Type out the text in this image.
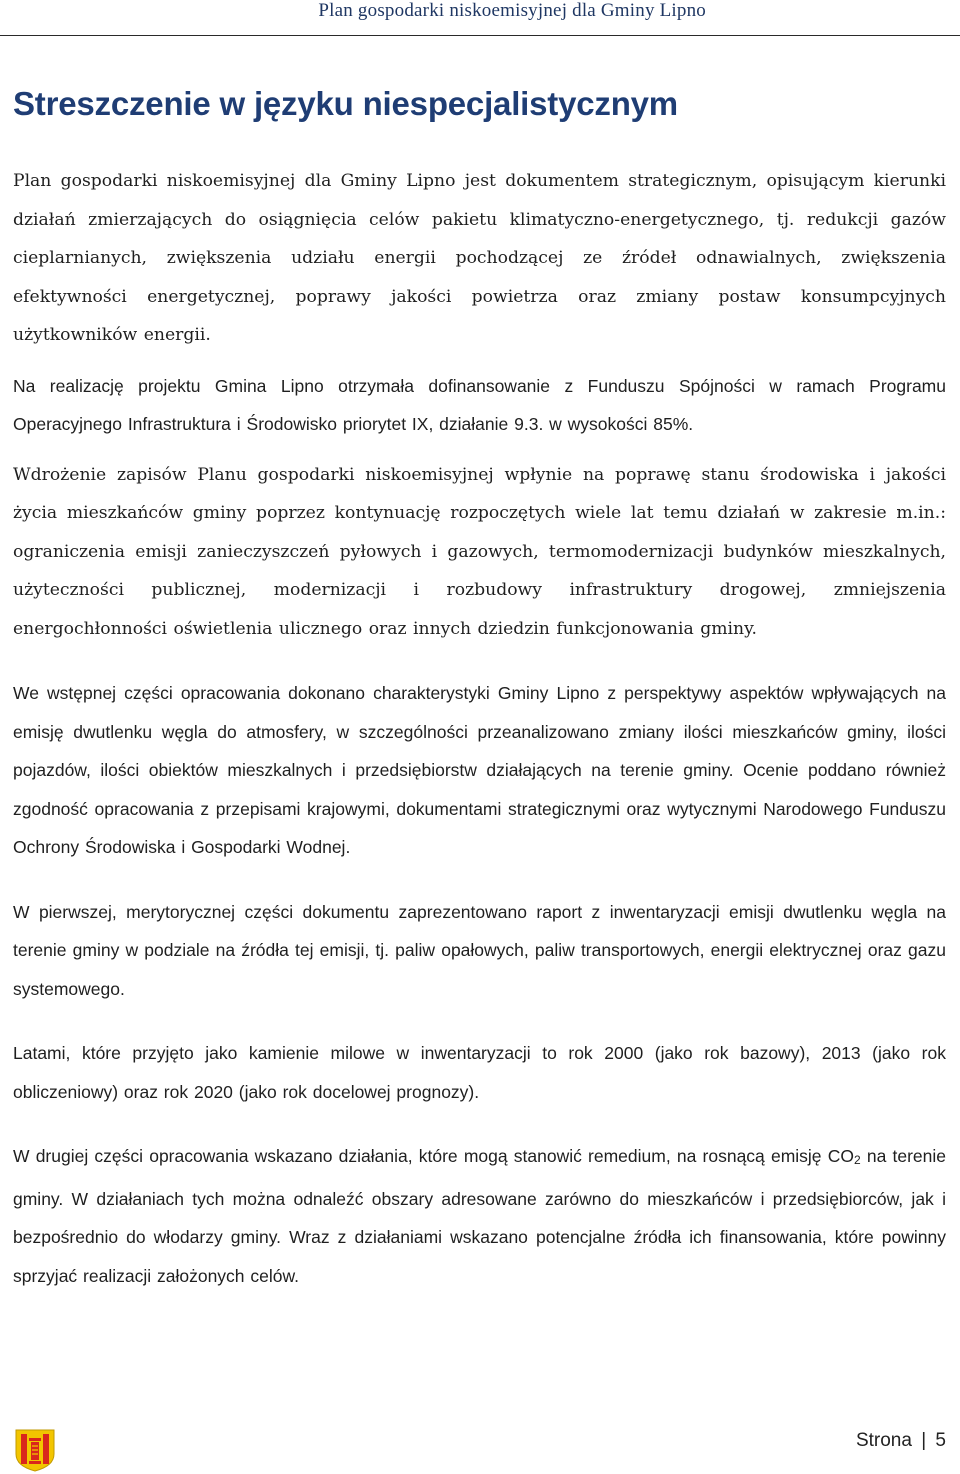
Plan gospodarki niskoemisyjnej dla Gminy Lipno
Streszczenie w języku niespecjalistycznym

Plan gospodarki niskoemisyjnej dla Gminy Lipno jest dokumentem strategicznym, opisującym kierunki działań zmierzających do osiągnięcia celów pakietu klimatyczno-energetycznego, tj. redukcji gazów cieplarnianych, zwiększenia udziału energii pochodzącej ze źródeł odnawialnych, zwiększenia efektywności energetycznej, poprawy jakości powietrza oraz zmiany postaw konsumpcyjnych użytkowników energii.

Na realizację projektu Gmina Lipno otrzymała dofinansowanie z Funduszu Spójności w ramach Programu Operacyjnego Infrastruktura i Środowisko priorytet IX, działanie 9.3. w wysokości 85%.

Wdrożenie zapisów Planu gospodarki niskoemisyjnej wpłynie na poprawę stanu środowiska i jakości życia mieszkańców gminy poprzez kontynuację rozpoczętych wiele lat temu działań w zakresie m.in.: ograniczenia emisji zanieczyszczeń pyłowych i gazowych, termomodernizacji budynków mieszkalnych, użyteczności publicznej, modernizacji i rozbudowy infrastruktury drogowej, zmniejszenia energochłonności oświetlenia ulicznego oraz innych dziedzin funkcjonowania gminy.

We wstępnej części opracowania dokonano charakterystyki Gminy Lipno z perspektywy aspektów wpływających na emisję dwutlenku węgla do atmosfery, w szczególności przeanalizowano zmiany ilości mieszkańców gminy, ilości pojazdów, ilości obiektów mieszkalnych i przedsiębiorstw działających na terenie gminy. Ocenie poddano również zgodność opracowania z przepisami krajowymi, dokumentami strategicznymi oraz wytycznymi Narodowego Funduszu Ochrony Środowiska i Gospodarki Wodnej.

W pierwszej, merytorycznej części dokumentu zaprezentowano raport z inwentaryzacji emisji dwutlenku węgla na terenie gminy w podziale na źródła tej emisji, tj. paliw opałowych, paliw transportowych, energii elektrycznej oraz gazu systemowego.

Latami, które przyjęto jako kamienie milowe w inwentaryzacji to rok 2000 (jako rok bazowy), 2013 (jako rok obliczeniowy) oraz rok 2020 (jako rok docelowej prognozy).

W drugiej części opracowania wskazano działania, które mogą stanowić remedium, na rosnącą emisję $CO_2$ na terenie gminy. W działaniach tych można odnaleźć obszary adresowane zarówno do mieszkańców i przedsiębiorców, jak i bezpośrednio do włodarzy gminy. Wraz z działaniami wskazano potencjalne źródła ich finansowania, które powinny sprzyjać realizacji założonych celów.

Strona | 5
